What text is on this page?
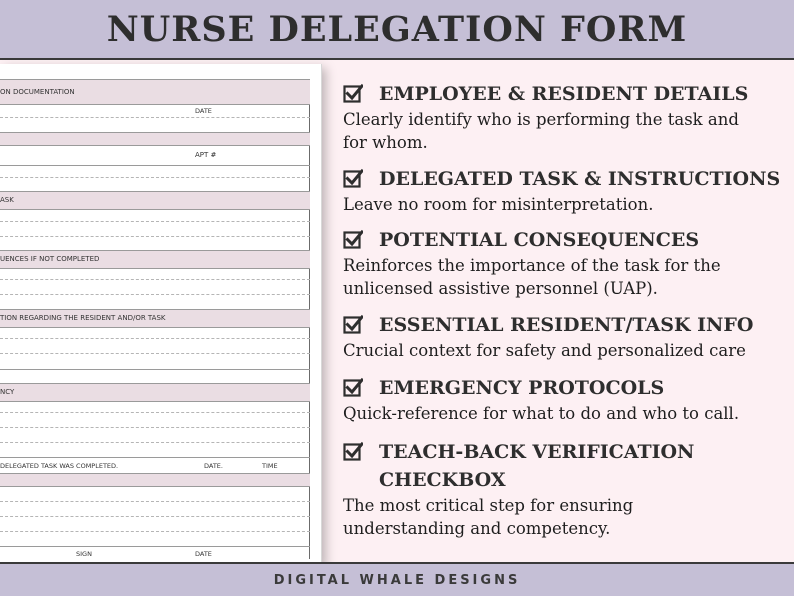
NURSE DELEGATION FORM
ON DOCUMENTATION
DATE
APT #
ASK
UENCES IF NOT COMPLETED
TION REGARDING THE RESIDENT AND/OR TASK
NCY
DELEGATED TASK WAS COMPLETED.	DATE.	TIME
SIGN	DATE
EMPLOYEE & RESIDENT DETAILS
Clearly identify who is performing the task and
for whom.
DELEGATED TASK & INSTRUCTIONS
Leave no room for misinterpretation.
POTENTIAL CONSEQUENCES
Reinforces the importance of the task for the
unlicensed assistive personnel (UAP).
ESSENTIAL RESIDENT/TASK INFO
Crucial context for safety and personalized care
EMERGENCY PROTOCOLS
Quick-reference for what to do and who to call.
TEACH-BACK VERIFICATION
CHECKBOX
The most critical step for ensuring
understanding and competency.
DIGITAL WHALE DESIGNS
